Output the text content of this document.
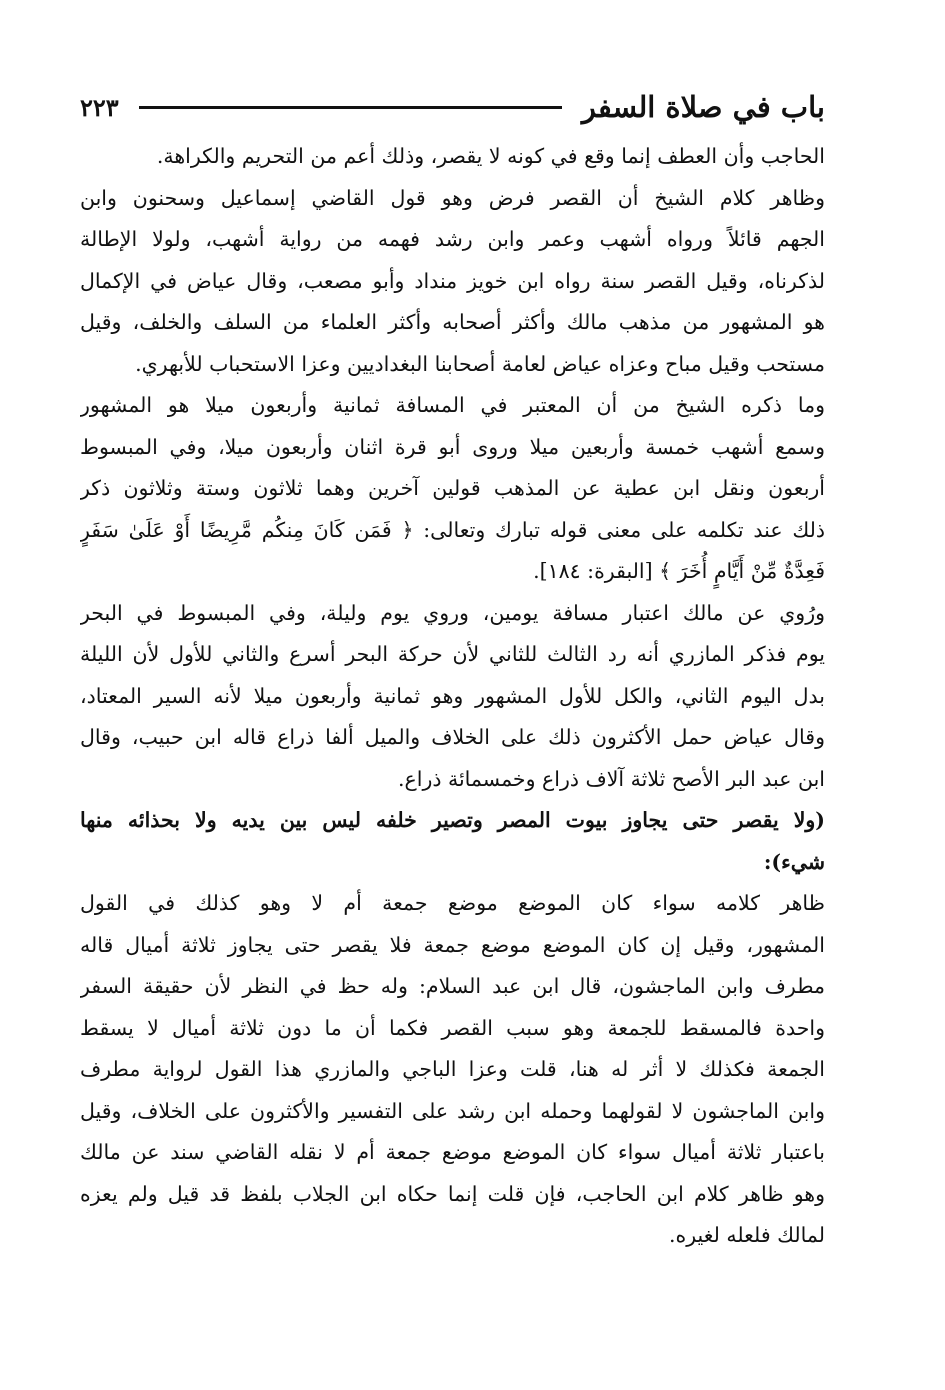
باب في صلاة السفر
٢٢٣
الحاجب وأن العطف إنما وقع في كونه لا يقصر، وذلك أعم من التحريم والكراهة.
وظاهر كلام الشيخ أن القصر فرض وهو قول القاضي إسماعيل وسحنون وابن
الجهم قائلاً ورواه أشهب وعمر وابن رشد فهمه من رواية أشهب، ولولا الإطالة
لذكرناه، وقيل القصر سنة رواه ابن خويز منداد وأبو مصعب، وقال عياض في الإكمال
هو المشهور من مذهب مالك وأكثر أصحابه وأكثر العلماء من السلف والخلف، وقيل
مستحب وقيل مباح وعزاه عياض لعامة أصحابنا البغداديين وعزا الاستحباب للأبهري.
وما ذكره الشيخ من أن المعتبر في المسافة ثمانية وأربعون ميلا هو المشهور
وسمع أشهب خمسة وأربعين ميلا وروى أبو قرة اثنان وأربعون ميلا، وفي المبسوط
أربعون ونقل ابن عطية عن المذهب قولين آخرين وهما ثلاثون وستة وثلاثون ذكر
ذلك عند تكلمه على معنى قوله تبارك وتعالى: ﴿ فَمَن كَانَ مِنكُم مَّرِيضًا أَوْ عَلَىٰ سَفَرٍ
فَعِدَّةٌ مِّنْ أَيَّامٍ أُخَرَ ﴾ [البقرة: ١٨٤].
ورُوي عن مالك اعتبار مسافة يومين، وروي يوم وليلة، وفي المبسوط في البحر
يوم فذكر المازري أنه رد الثالث للثاني لأن حركة البحر أسرع والثاني للأول لأن الليلة
بدل اليوم الثاني، والكل للأول المشهور وهو ثمانية وأربعون ميلا لأنه السير المعتاد،
وقال عياض حمل الأكثرون ذلك على الخلاف والميل ألفا ذراع قاله ابن حبيب، وقال
ابن عبد البر الأصح ثلاثة آلاف ذراع وخمسمائة ذراع.
(ولا يقصر حتى يجاوز بيوت المصر وتصير خلفه ليس بين يديه ولا بحذائه منها
شيء):
ظاهر كلامه سواء كان الموضع موضع جمعة أم لا وهو كذلك في القول
المشهور، وقيل إن كان الموضع موضع جمعة فلا يقصر حتى يجاوز ثلاثة أميال قاله
مطرف وابن الماجشون، قال ابن عبد السلام: وله حظ في النظر لأن حقيقة السفر
واحدة فالمسقط للجمعة وهو سبب القصر فكما أن ما دون ثلاثة أميال لا يسقط
الجمعة فكذلك لا أثر له هنا، قلت وعزا الباجي والمازري هذا القول لرواية مطرف
وابن الماجشون لا لقولهما وحمله ابن رشد على التفسير والأكثرون على الخلاف، وقيل
باعتبار ثلاثة أميال سواء كان الموضع موضع جمعة أم لا نقله القاضي سند عن مالك
وهو ظاهر كلام ابن الحاجب، فإن قلت إنما حكاه ابن الجلاب بلفظ قد قيل ولم يعزه
لمالك فلعله لغيره.
